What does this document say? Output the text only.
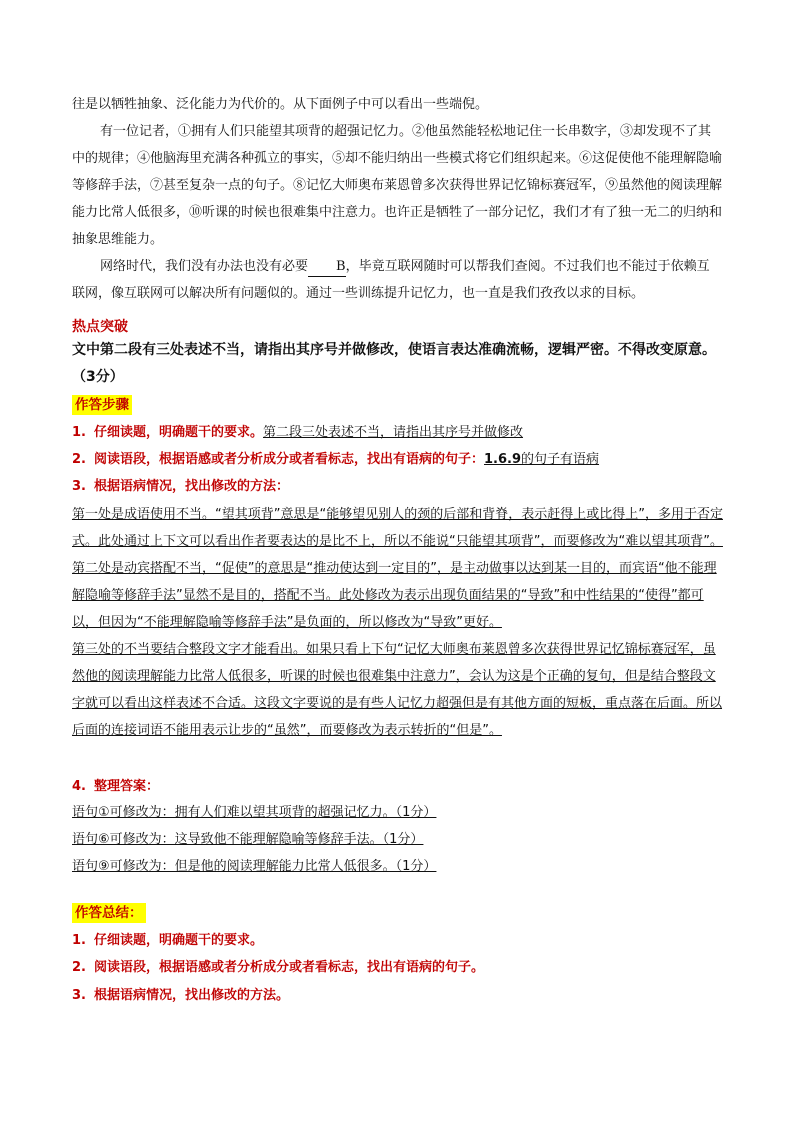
往是以牺牲抽象、泛化能力为代价的。从下面例子中可以看出一些端倪。
有一位记者，①拥有人们只能望其项背的超强记忆力。②他虽然能轻松地记住一长串数字，③却发现不了其中的规律；④他脑海里充满各种孤立的事实，⑤却不能归纳出一些模式将它们组织起来。⑥这促使他不能理解隐喻等修辞手法，⑦甚至复杂一点的句子。⑧记忆大师奥布莱恩曾多次获得世界记忆锦标赛冠军，⑨虽然他的阅读理解能力比常人低很多，⑩听课的时候也很难集中注意力。也许正是牺牲了一部分记忆，我们才有了独一无二的归纳和抽象思维能力。
网络时代，我们没有办法也没有必要 B，毕竟互联网随时可以帮我们查阅。不过我们也不能过于依赖互联网，像互联网可以解决所有问题似的。通过一些训练提升记忆力，也一直是我们孜孜以求的目标。
热点突破
文中第二段有三处表述不当，请指出其序号并做修改，使语言表达准确流畅，逻辑严密。不得改变原意。（3分）
作答步骤
1. 仔细读题，明确题干的要求。第二段三处表述不当，请指出其序号并做修改
2. 阅读语段，根据语感或者分析成分或者看标志，找出有语病的句子：1.6.9的句子有语病
3. 根据语病情况，找出修改的方法：
第一处是成语使用不当。“望其项背”意思是“能够望见别人的颈的后部和背脊，表示赶得上或比得上”，多用于否定式。此处通过上下文可以看出作者要表达的是比不上，所以不能说“只能望其项背”，而要修改为“难以望其项背”。
第二处是动宾搭配不当，“促使”的意思是“推动使达到一定目的”，是主动做事以达到某一目的，而宾语“他不能理解隐喻等修辞手法”显然不是目的，搭配不当。此处修改为表示出现负面结果的“导致”和中性结果的“使得”都可以，但因为“不能理解隐喻等修辞手法”是负面的，所以修改为“导致”更好。
第三处的不当要结合整段文字才能看出。如果只看上下句“记忆大师奥布莱恩曾多次获得世界记忆锦标赛冠军，虽然他的阅读理解能力比常人低很多，听课的时候也很难集中注意力”，会认为这是个正确的复句，但是结合整段文字就可以看出这样表述不合适。这段文字要说的是有些人记忆力超强但是有其他方面的短板，重点落在后面。所以后面的连接词语不能用表示让步的“虽然”，而要修改为表示转折的“但是”。
4. 整理答案：
语句①可修改为：拥有人们难以望其项背的超强记忆力。（1分）
语句⑥可修改为：这导致他不能理解隐喻等修辞手法。（1分）
语句⑨可修改为：但是他的阅读理解能力比常人低很多。（1分）
作答总结：
1. 仔细读题，明确题干的要求。
2. 阅读语段，根据语感或者分析成分或者看标志，找出有语病的句子。
3. 根据语病情况，找出修改的方法。
